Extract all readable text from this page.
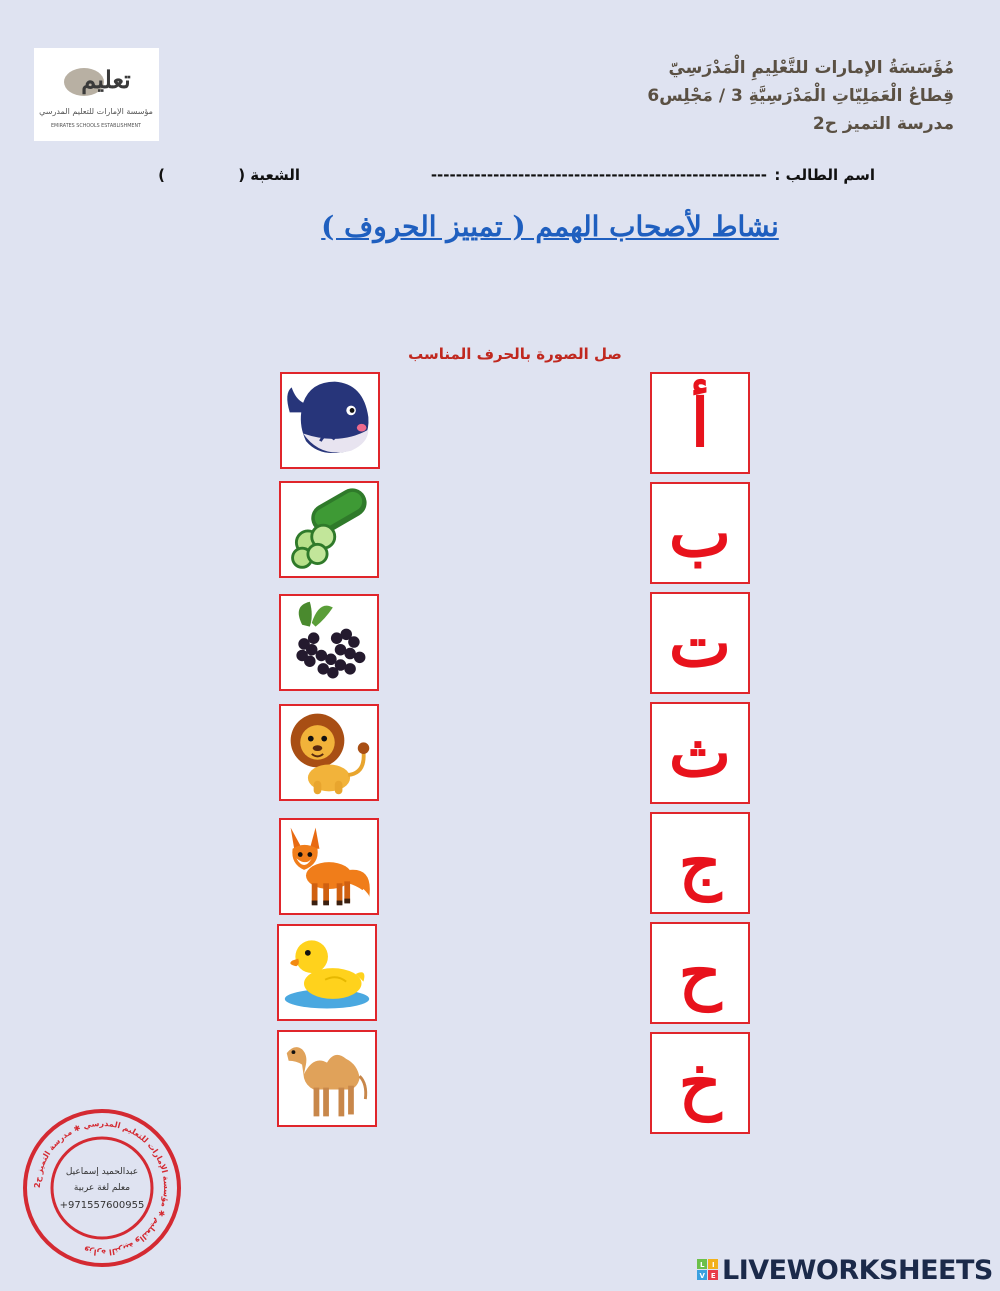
تعليم
مؤسسة الإمارات للتعليم المدرسي
EMIRATES SCHOOLS ESTABLISHMENT
مُؤَسَسَةُ الإمارات للتَّعْلِيمِ الْمَدْرَسِيّ
قِطاعُ الْعَمَلِيّاتِ الْمَدْرَسِيَّةِ 3 / مَجْلِس6
مدرسة التميز ح2
اسم الطالب :
------------------------------------------------------
الشعبة (
)
نشاط لأصحاب الهمم ( تمييز الحروف )
صل الصورة بالحرف المناسب
أ
ب
ت
ث
ج
ح
خ
وزارة التربية والتعليم ✱ مؤسسة الإمارات للتعليم المدرسي ✱ مدرسة التميز ح2
عبدالحميد إسماعيل
معلم لغة عربية
+971557600955
L I
V E LIVEWORKSHEETS
